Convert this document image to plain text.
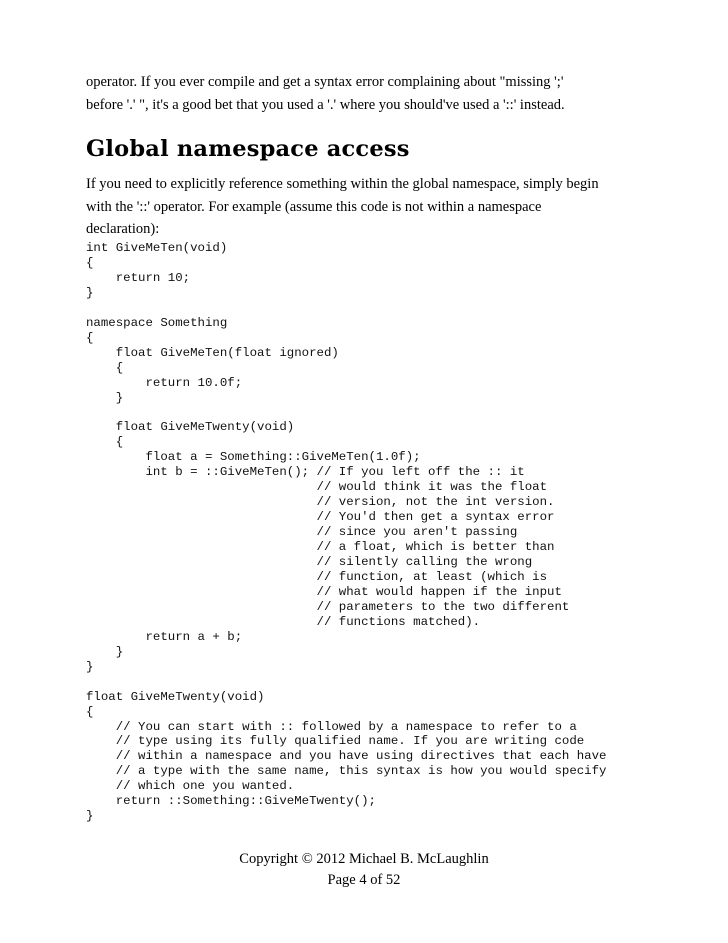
operator. If you ever compile and get a syntax error complaining about "missing ';'
before '.' ", it's a good bet that you used a '.' where you should've used a '::' instead.
Global namespace access
If you need to explicitly reference something within the global namespace, simply begin
with the '::' operator. For example (assume this code is not within a namespace
declaration):
int GiveMeTen(void)
{
return 10;
}

namespace Something
{
float GiveMeTen(float ignored)
{
return 10.0f;
}

float GiveMeTwenty(void)
{
float a = Something::GiveMeTen(1.0f);
int b = ::GiveMeTen(); // If you left off the :: it
// would think it was the float
// version, not the int version.
// You'd then get a syntax error
// since you aren't passing
// a float, which is better than
// silently calling the wrong
// function, at least (which is
// what would happen if the input
// parameters to the two different
// functions matched).
return a + b;
}
}

float GiveMeTwenty(void)
{
// You can start with :: followed by a namespace to refer to a
// type using its fully qualified name. If you are writing code
// within a namespace and you have using directives that each have
// a type with the same name, this syntax is how you would specify
// which one you wanted.
return ::Something::GiveMeTwenty();
}
Copyright © 2012 Michael B. McLaughlin
Page 4 of 52
